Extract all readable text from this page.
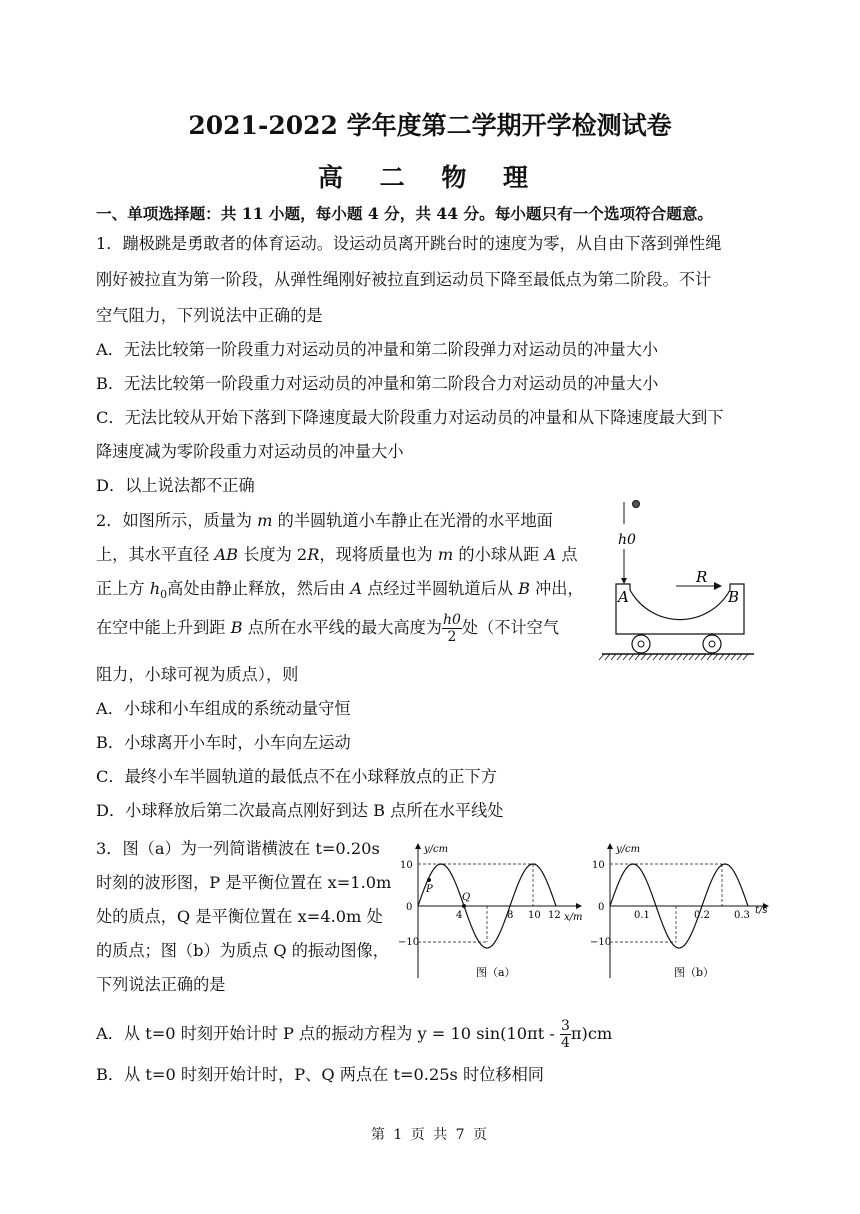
2021-2022 学年度第二学期开学检测试卷
高 二 物 理
一、单项选择题：共 11 小题，每小题 4 分，共 44 分。每小题只有一个选项符合题意。
1．蹦极跳是勇敢者的体育运动。设运动员离开跳台时的速度为零，从自由下落到弹性绳
刚好被拉直为第一阶段，从弹性绳刚好被拉直到运动员下降至最低点为第二阶段。不计
空气阻力，下列说法中正确的是
A．无法比较第一阶段重力对运动员的冲量和第二阶段弹力对运动员的冲量大小
B．无法比较第一阶段重力对运动员的冲量和第二阶段合力对运动员的冲量大小
C．无法比较从开始下落到下降速度最大阶段重力对运动员的冲量和从下降速度最大到下
降速度减为零阶段重力对运动员的冲量大小
D．以上说法都不正确
2．如图所示，质量为 m 的半圆轨道小车静止在光滑的水平地面
上，其水平直径 AB 长度为 2R，现将质量也为 m 的小球从距 A 点
正上方 $h_0$高处由静止释放，然后由 A 点经过半圆轨道后从 B 冲出，
在空中能上升到距 B 点所在水平线的最大高度为 $\frac{h0}{2}$ 处（不计空气
阻力，小球可视为质点），则
A．小球和小车组成的系统动量守恒
B．小球离开小车时，小车向左运动
C．最终小车半圆轨道的最低点不在小球释放点的正下方
D．小球释放后第二次最高点刚好到达 B 点所在水平线处
h0
R
A	B
3．图（a）为一列简谐横波在 t=0.20s
时刻的波形图，P 是平衡位置在 x=1.0m
处的质点，Q 是平衡位置在 x=4.0m 处
的质点；图（b）为质点 Q 的振动图像，
下列说法正确的是
A．从 t=0 时刻开始计时 P 点的振动方程为 y = 10 $\sin(10\pi t - \frac{3}{4} \pi)cm$
B．从 t=0 时刻开始计时，P、Q 两点在 t=0.25s 时位移相同
y/cm
x/m
10
0
−10
4	8 10 12
P
Q
图（a）
y/cm
t/s
10
0
−10
0.1	0.2 0.3
图（b）
第 1 页 共 7 页
